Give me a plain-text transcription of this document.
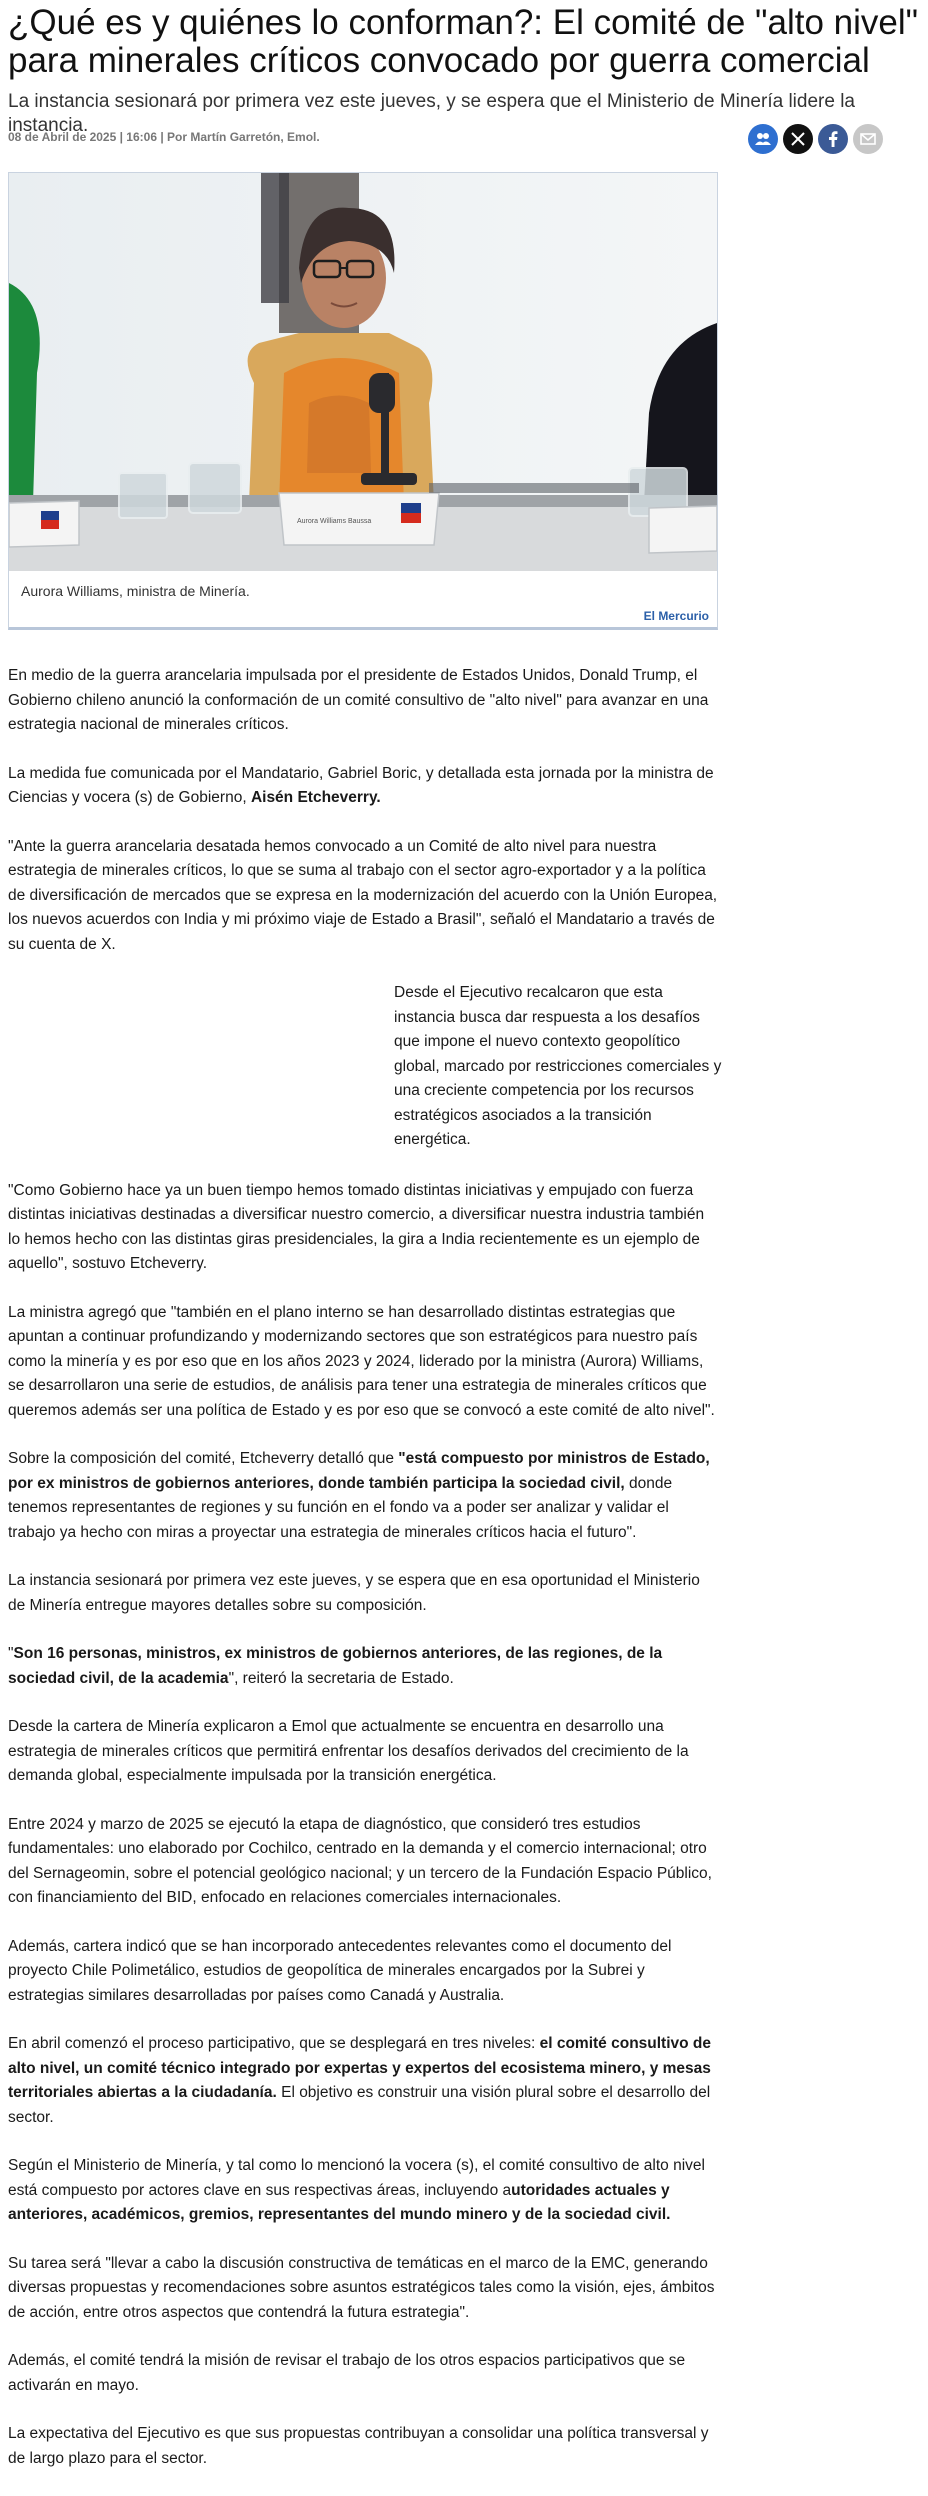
¿Qué es y quiénes lo conforman?: El comité de "alto nivel" para minerales críticos convocado por guerra comercial

La instancia sesionará por primera vez este jueves, y se espera que el Ministerio de Minería lidere la instancia.

08 de Abril de 2025 | 16:06 | Por Martín Garretón, Emol.
Aurora Williams Baussa
Aurora Williams, ministra de Minería.
El Mercurio

En medio de la guerra arancelaria impulsada por el presidente de Estados Unidos, Donald Trump, el Gobierno chileno anunció la conformación de un comité consultivo de "alto nivel" para avanzar en una estrategia nacional de minerales críticos.

La medida fue comunicada por el Mandatario, Gabriel Boric, y detallada esta jornada por la ministra de Ciencias y vocera (s) de Gobierno, Aisén Etcheverry.

"Ante la guerra arancelaria desatada hemos convocado a un Comité de alto nivel para nuestra estrategia de minerales críticos, lo que se suma al trabajo con el sector agro-exportador y a la política de diversificación de mercados que se expresa en la modernización del acuerdo con la Unión Europea, los nuevos acuerdos con India y mi próximo viaje de Estado a Brasil", señaló el Mandatario a través de su cuenta de X.

Desde el Ejecutivo recalcaron que esta instancia busca dar respuesta a los desafíos que impone el nuevo contexto geopolítico global, marcado por restricciones comerciales y una creciente competencia por los recursos estratégicos asociados a la transición energética.

"Como Gobierno hace ya un buen tiempo hemos tomado distintas iniciativas y empujado con fuerza distintas iniciativas destinadas a diversificar nuestro comercio, a diversificar nuestra industria también lo hemos hecho con las distintas giras presidenciales, la gira a India recientemente es un ejemplo de aquello", sostuvo Etcheverry.

La ministra agregó que "también en el plano interno se han desarrollado distintas estrategias que apuntan a continuar profundizando y modernizando sectores que son estratégicos para nuestro país como la minería y es por eso que en los años 2023 y 2024, liderado por la ministra (Aurora) Williams, se desarrollaron una serie de estudios, de análisis para tener una estrategia de minerales críticos que queremos además ser una política de Estado y es por eso que se convocó a este comité de alto nivel".

Sobre la composición del comité, Etcheverry detalló que "está compuesto por ministros de Estado, por ex ministros de gobiernos anteriores, donde también participa la sociedad civil, donde tenemos representantes de regiones y su función en el fondo va a poder ser analizar y validar el trabajo ya hecho con miras a proyectar una estrategia de minerales críticos hacia el futuro".

La instancia sesionará por primera vez este jueves, y se espera que en esa oportunidad el Ministerio de Minería entregue mayores detalles sobre su composición.

"Son 16 personas, ministros, ex ministros de gobiernos anteriores, de las regiones, de la sociedad civil, de la academia", reiteró la secretaria de Estado.

Desde la cartera de Minería explicaron a Emol que actualmente se encuentra en desarrollo una estrategia de minerales críticos que permitirá enfrentar los desafíos derivados del crecimiento de la demanda global, especialmente impulsada por la transición energética.

Entre 2024 y marzo de 2025 se ejecutó la etapa de diagnóstico, que consideró tres estudios fundamentales: uno elaborado por Cochilco, centrado en la demanda y el comercio internacional; otro del Sernageomin, sobre el potencial geológico nacional; y un tercero de la Fundación Espacio Público, con financiamiento del BID, enfocado en relaciones comerciales internacionales.

Además, cartera indicó que se han incorporado antecedentes relevantes como el documento del proyecto Chile Polimetálico, estudios de geopolítica de minerales encargados por la Subrei y estrategias similares desarrolladas por países como Canadá y Australia.

En abril comenzó el proceso participativo, que se desplegará en tres niveles: el comité consultivo de alto nivel, un comité técnico integrado por expertas y expertos del ecosistema minero, y mesas territoriales abiertas a la ciudadanía. El objetivo es construir una visión plural sobre el desarrollo del sector.

Según el Ministerio de Minería, y tal como lo mencionó la vocera (s), el comité consultivo de alto nivel está compuesto por actores clave en sus respectivas áreas, incluyendo autoridades actuales y anteriores, académicos, gremios, representantes del mundo minero y de la sociedad civil.

Su tarea será "llevar a cabo la discusión constructiva de temáticas en el marco de la EMC, generando diversas propuestas y recomendaciones sobre asuntos estratégicos tales como la visión, ejes, ámbitos de acción, entre otros aspectos que contendrá la futura estrategia".

Además, el comité tendrá la misión de revisar el trabajo de los otros espacios participativos que se activarán en mayo.

La expectativa del Ejecutivo es que sus propuestas contribuyan a consolidar una política transversal y de largo plazo para el sector.
